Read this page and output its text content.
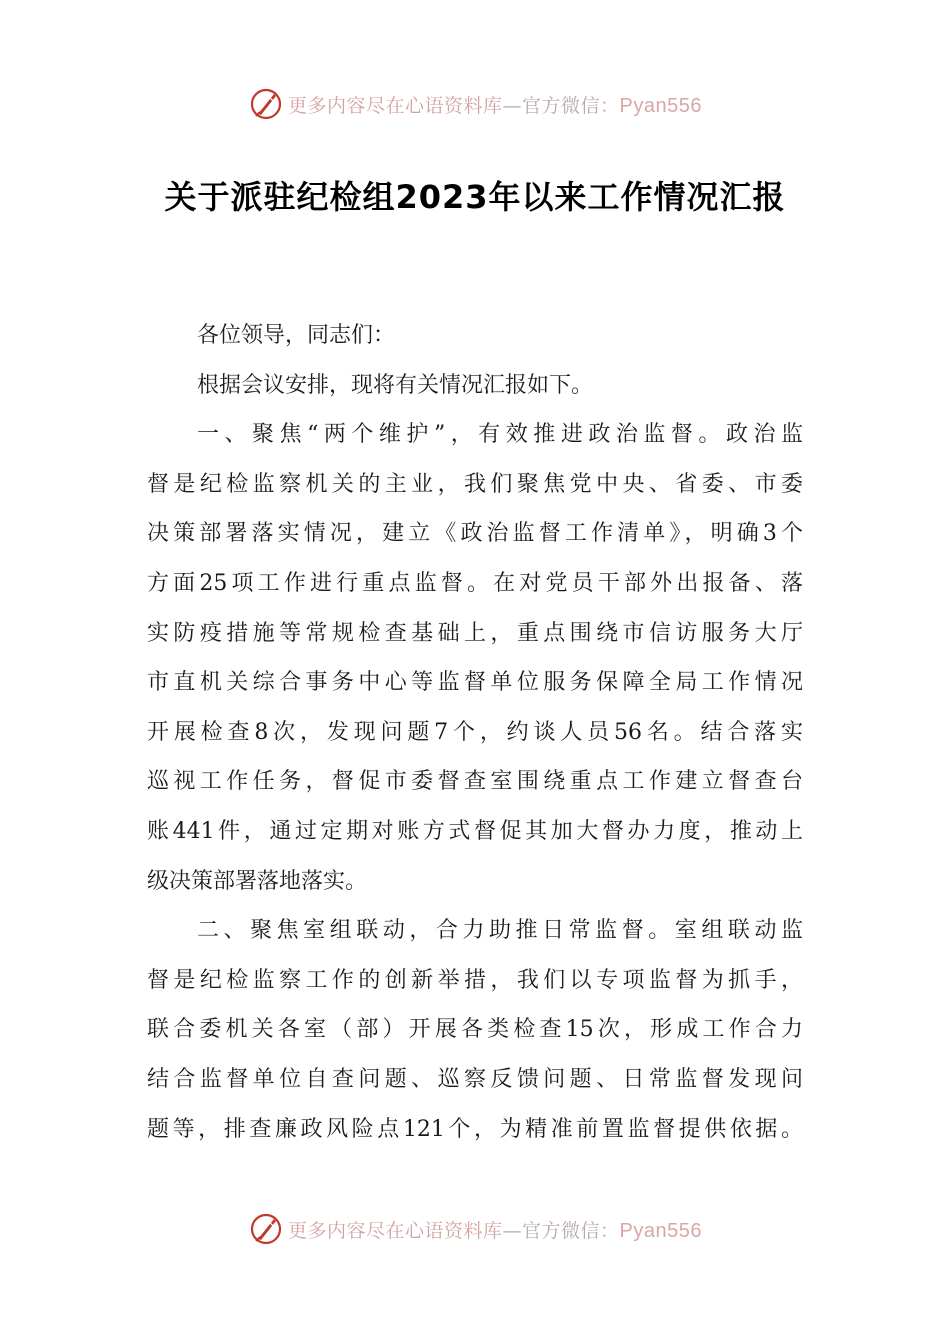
更多内容尽在心语资料库—官方微信：Pyan556
关于派驻纪检组2023年以来工作情况汇报
各位领导，同志们：
根据会议安排，现将有关情况汇报如下。
一、聚焦“两个维护”，有效推进政治监督。政治监
督是纪检监察机关的主业，我们聚焦党中央、省委、市委
决策部署落实情况，建立《政治监督工作清单》，明确3个
方面25项工作进行重点监督。在对党员干部外出报备、落
实防疫措施等常规检查基础上，重点围绕市信访服务大厅
市直机关综合事务中心等监督单位服务保障全局工作情况
开展检查8次，发现问题7个，约谈人员56名。结合落实
巡视工作任务，督促市委督查室围绕重点工作建立督查台
账441件，通过定期对账方式督促其加大督办力度，推动上
级决策部署落地落实。
二、聚焦室组联动，合力助推日常监督。室组联动监
督是纪检监察工作的创新举措，我们以专项监督为抓手，
联合委机关各室（部）开展各类检查15次，形成工作合力
结合监督单位自查问题、巡察反馈问题、日常监督发现问
题等，排查廉政风险点121个，为精准前置监督提供依据。
更多内容尽在心语资料库—官方微信：Pyan556
